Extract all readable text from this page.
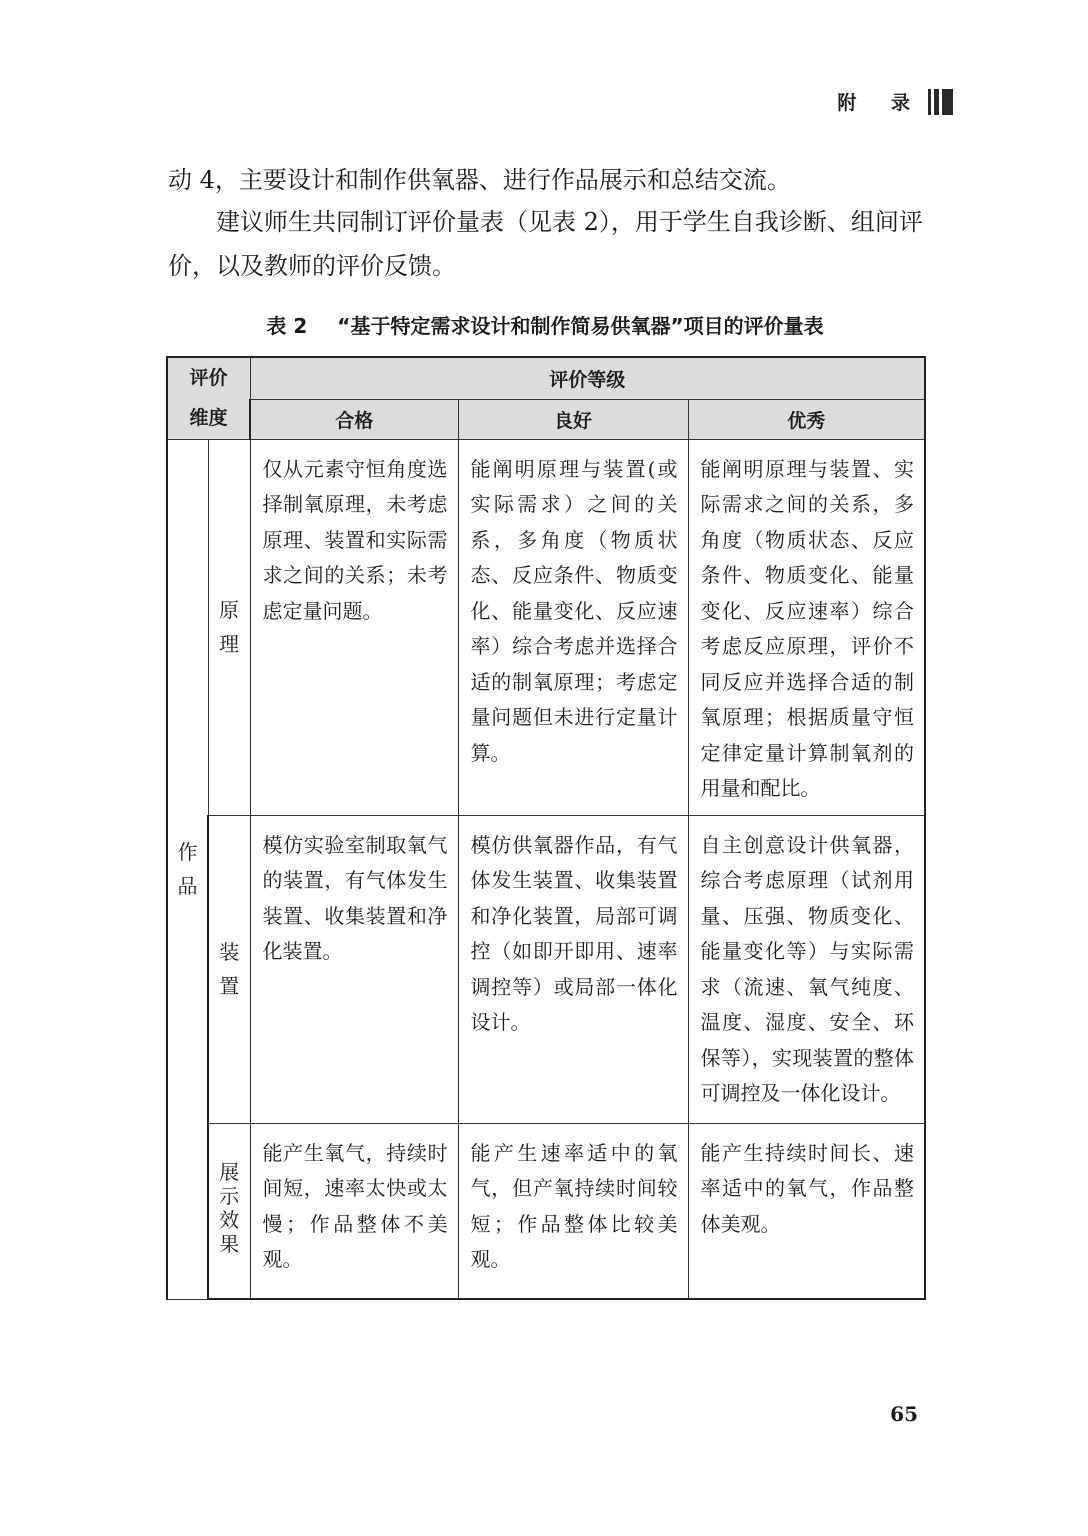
附 录

动 4，主要设计和制作供氧器、进行作品展示和总结交流。

建议师生共同制订评价量表（见表 2），用于学生自我诊断、组间评价，以及教师的评价反馈。

表 2 “基于特定需求设计和制作简易供氧器”项目的评价量表
评价
维度		评价等级		
		合格	良好	优秀
作品	原理	仅从元素守恒角度选择制氧原理，未考虑原理、装置和实际需求之间的关系；未考虑定量问题。	能阐明原理与装置(或实际需求）之间的关系，多角度（物质状态、反应条件、物质变化、能量变化、反应速率）综合考虑并选择合适的制氧原理；考虑定量问题但未进行定量计算。	能阐明原理与装置、实际需求之间的关系，多角度（物质状态、反应条件、物质变化、能量变化、反应速率）综合考虑反应原理，评价不同反应并选择合适的制氧原理；根据质量守恒定律定量计算制氧剂的用量和配比。
	装置	模仿实验室制取氧气的装置，有气体发生装置、收集装置和净化装置。	模仿供氧器作品，有气体发生装置、收集装置和净化装置，局部可调控（如即开即用、速率调控等）或局部一体化设计。	自主创意设计供氧器，综合考虑原理（试剂用量、压强、物质变化、能量变化等）与实际需求（流速、氧气纯度、温度、湿度、安全、环保等），实现装置的整体可调控及一体化设计。
	展示效果	能产生氧气，持续时间短，速率太快或太慢；作品整体不美观。	能产生速率适中的氧气，但产氧持续时间较短；作品整体比较美观。	能产生持续时间长、速率适中的氧气，作品整体美观。
65
